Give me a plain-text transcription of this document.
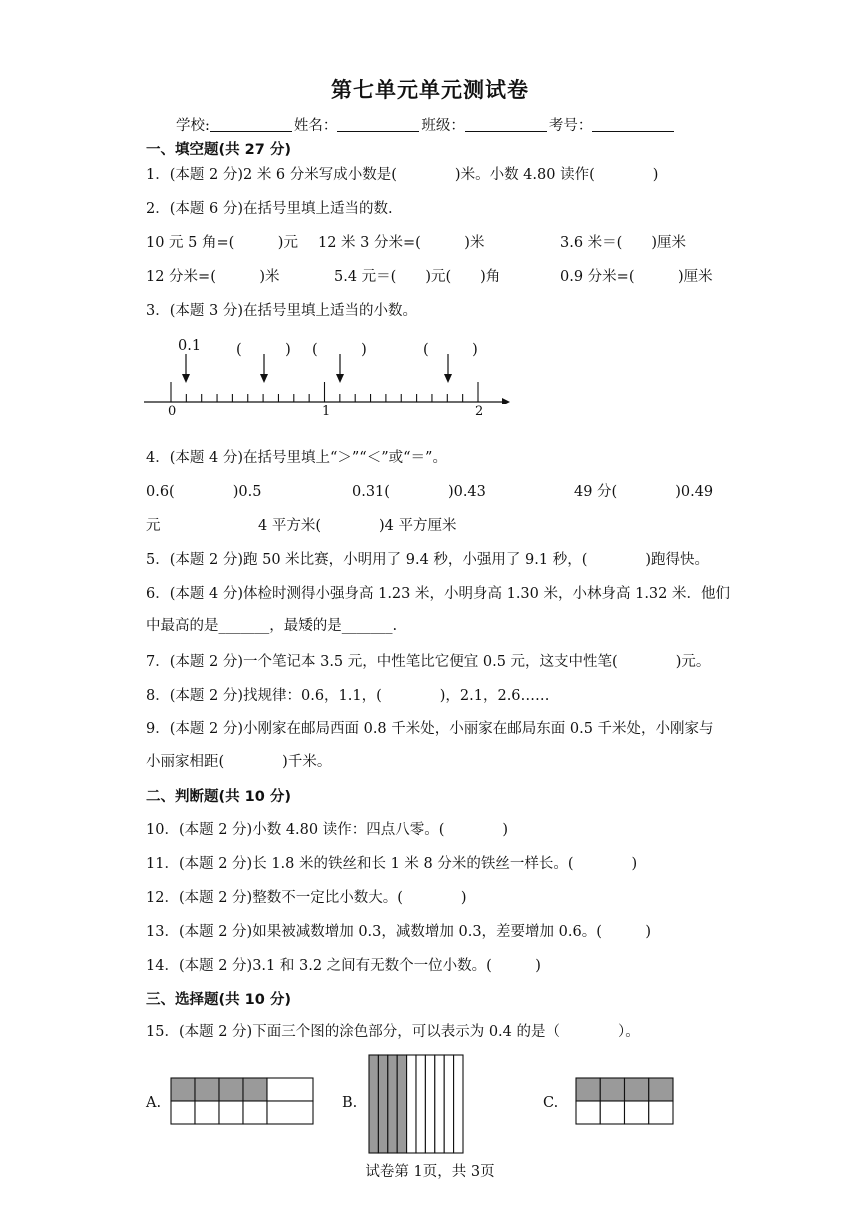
第七单元单元测试卷
学校:	姓名：	班级：	考号：
一、填空题(共 27 分)
1．(本题 2 分)2 米 6 分米写成小数是(　　　　)米。小数 4.80 读作(　　　　)
2．(本题 6 分)在括号里填上适当的数.
10 元 5 角=(　　　)元 12 米 3 分米=(　　　)米	3.6 米＝(　　)厘米
12 分米=(　　　)米	5.4 元＝(　　)元(　　)角	0.9 分米=(　　　)厘米
3．(本题 3 分)在括号里填上适当的小数。
0.1 (　　　) (　　　)	(　　　)
0	1	2
4．(本题 4 分)在括号里填上“＞”“＜”或“＝”。
0.6(　　　　)0.5	0.31(　　　　)0.43	49 分(　　　　)0.49
元	4 平方米(　　　　)4 平方厘米
5．(本题 2 分)跑 50 米比赛，小明用了 9.4 秒，小强用了 9.1 秒，(　　　　)跑得快。
6．(本题 4 分)体检时测得小强身高 1.23 米，小明身高 1.30 米，小林身高 1.32 米．他们
中最高的是_______，最矮的是_______.
7．(本题 2 分)一个笔记本 3.5 元，中性笔比它便宜 0.5 元，这支中性笔(　　　　)元。
8．(本题 2 分)找规律：0.6，1.1，(　　　　)，2.1，2.6……
9．(本题 2 分)小刚家在邮局西面 0.8 千米处，小丽家在邮局东面 0.5 千米处，小刚家与
小丽家相距(　　　　)千米。
二、判断题(共 10 分)
10．(本题 2 分)小数 4.80 读作：四点八零。(　　　　)
11．(本题 2 分)长 1.8 米的铁丝和长 1 米 8 分米的铁丝一样长。(　　　　)
12．(本题 2 分)整数不一定比小数大。(　　　　)
13．(本题 2 分)如果被减数增加 0.3，减数增加 0.3，差要增加 0.6。(　　　)
14．(本题 2 分)3.1 和 3.2 之间有无数个一位小数。(　　　)
三、选择题(共 10 分)
15．(本题 2 分)下面三个图的涂色部分，可以表示为 0.4 的是（　　　　）。
A.	B.	C.
试卷第 1页，共 3页
